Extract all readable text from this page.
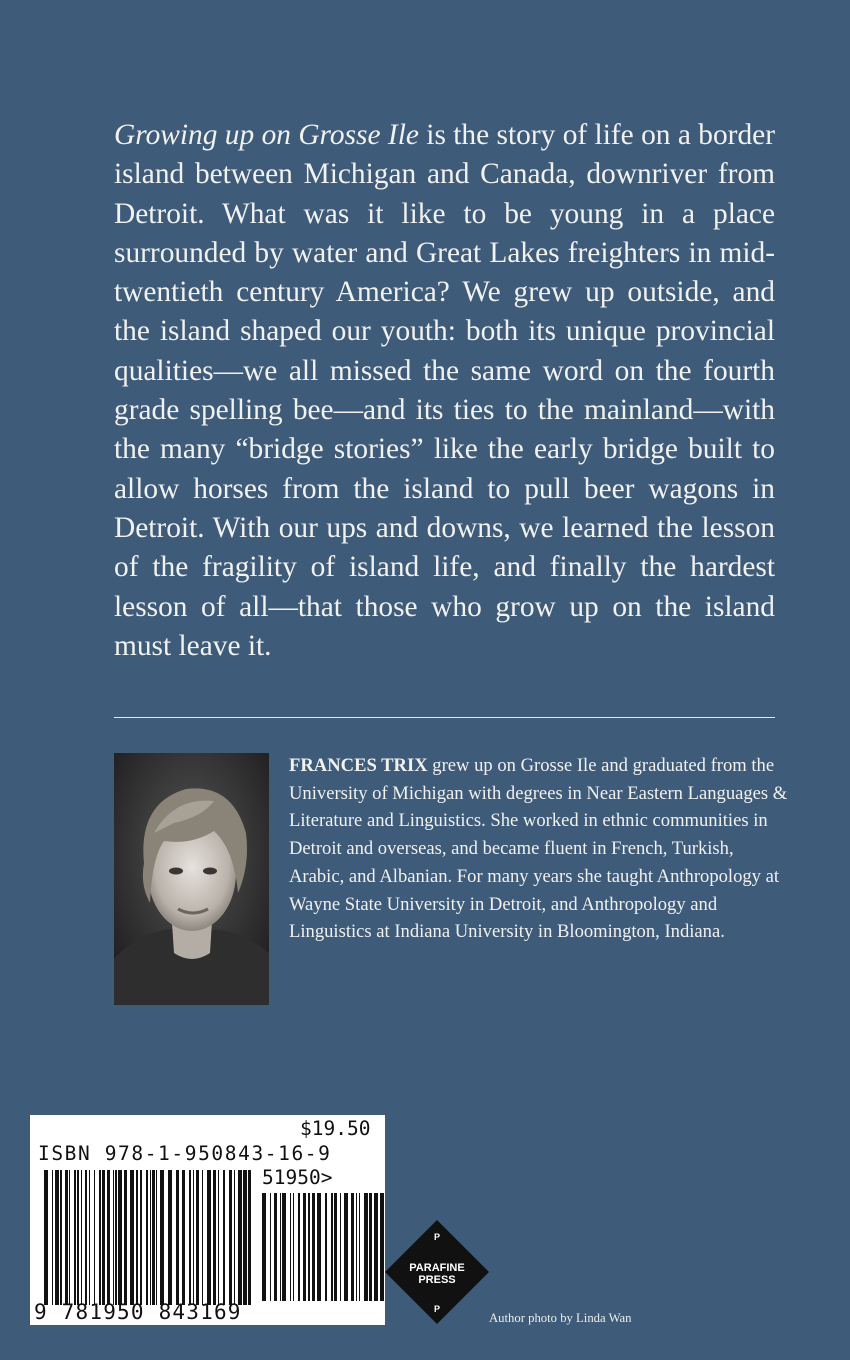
Growing up on Grosse Ile is the story of life on a border island between Michigan and Canada, downriver from Detroit. What was it like to be young in a place surrounded by water and Great Lakes freighters in mid-twentieth century America? We grew up outside, and the island shaped our youth: both its unique provincial qualities—we all missed the same word on the fourth grade spelling bee—and its ties to the mainland—with the many “bridge stories” like the early bridge built to allow horses from the island to pull beer wagons in Detroit. With our ups and downs, we learned the lesson of the fragility of island life, and finally the hardest lesson of all—that those who grow up on the island must leave it.

FRANCES TRIX grew up on Grosse Ile and graduated from the University of Michigan with degrees in Near Eastern Languages & Literature and Linguistics. She worked in ethnic communities in Detroit and overseas, and became fluent in French, Turkish, Arabic, and Albanian. For many years she taught Anthropology at Wayne State University in Detroit, and Anthropology and Linguistics at Indiana University in Bloomington, Indiana.

$19.50
ISBN 978-1-950843-16-9
51950>
9 781950 843169
P
PARAFINE
PRESS
P
Author photo by Linda Wan
